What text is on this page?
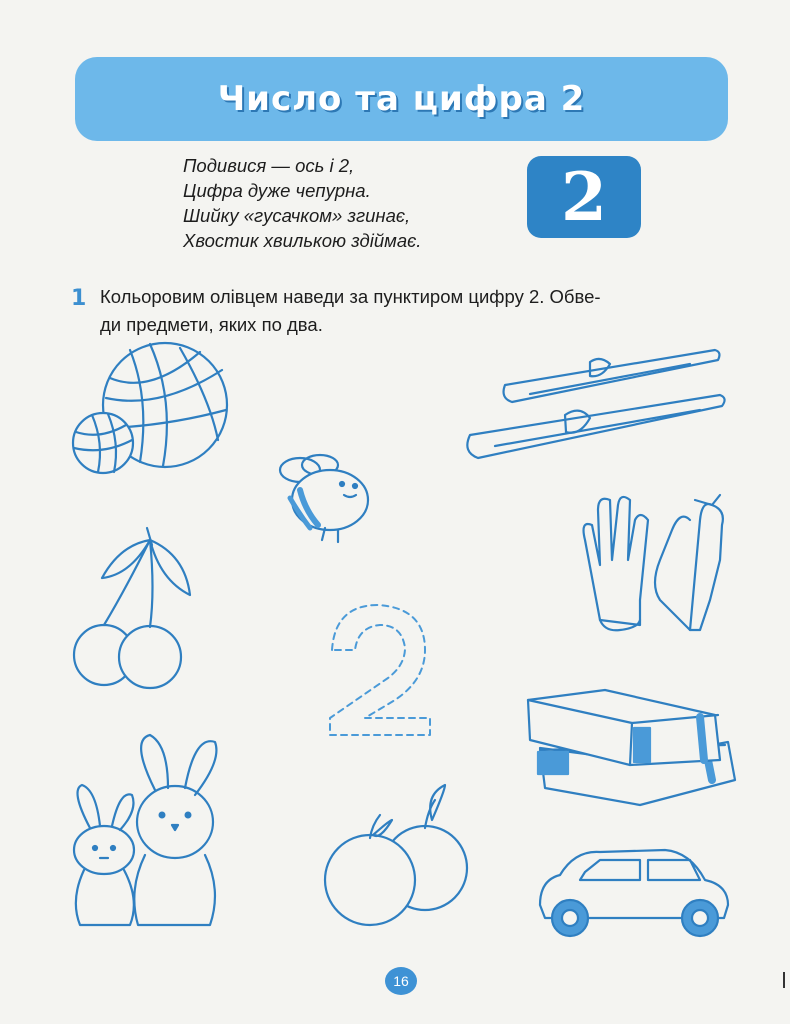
Число та цифра 2
Подивися — ось і 2,
Цифра дуже чепурна.
Шийку «гусачком» згинає,
Хвостик хвилькою здіймає.
2
1 Кольоровим олівцем наведи за пунктиром цифру 2. Обве-
ди предмети, яких по два.
16
